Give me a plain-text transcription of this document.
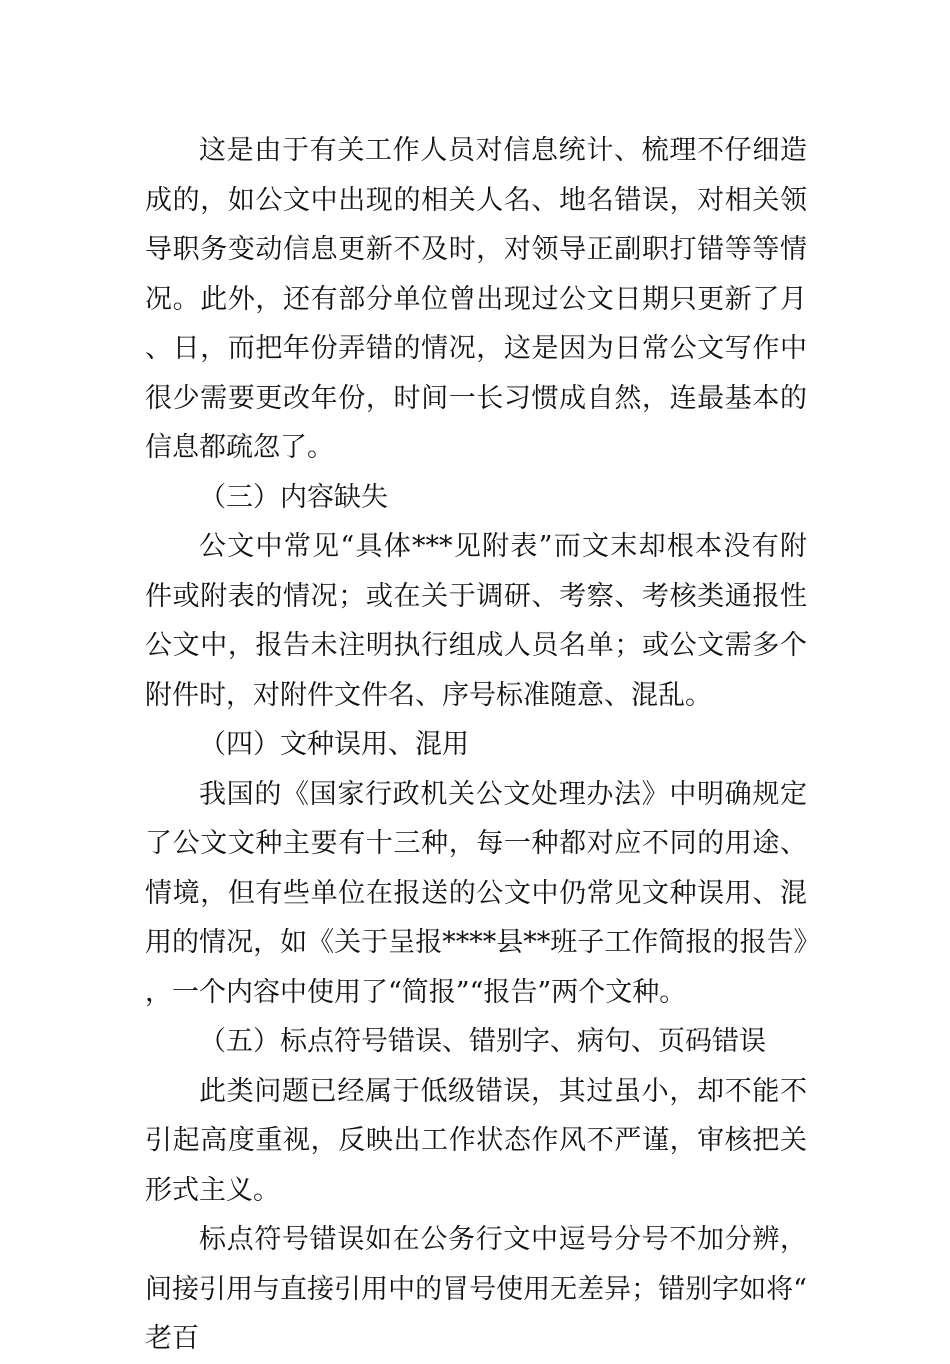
这是由于有关工作人员对信息统计、梳理不仔细造成的，如公文中出现的相关人名、地名错误，对相关领导职务变动信息更新不及时，对领导正副职打错等等情况。此外，还有部分单位曾出现过公文日期只更新了月、日，而把年份弄错的情况，这是因为日常公文写作中很少需要更改年份，时间一长习惯成自然，连最基本的信息都疏忽了。

（三）内容缺失

公文中常见“具体***见附表”而文末却根本没有附件或附表的情况；或在关于调研、考察、考核类通报性公文中，报告未注明执行组成人员名单；或公文需多个附件时，对附件文件名、序号标准随意、混乱。

（四）文种误用、混用

我国的《国家行政机关公文处理办法》中明确规定了公文文种主要有十三种，每一种都对应不同的用途、情境，但有些单位在报送的公文中仍常见文种误用、混用的情况，如《关于呈报****县**班子工作简报的报告》，一个内容中使用了“简报”“报告”两个文种。

（五）标点符号错误、错别字、病句、页码错误

此类问题已经属于低级错误，其过虽小，却不能不引起高度重视，反映出工作状态作风不严谨，审核把关形式主义。

标点符号错误如在公务行文中逗号分号不加分辨，间接引用与直接引用中的冒号使用无差异；错别字如将“老百
